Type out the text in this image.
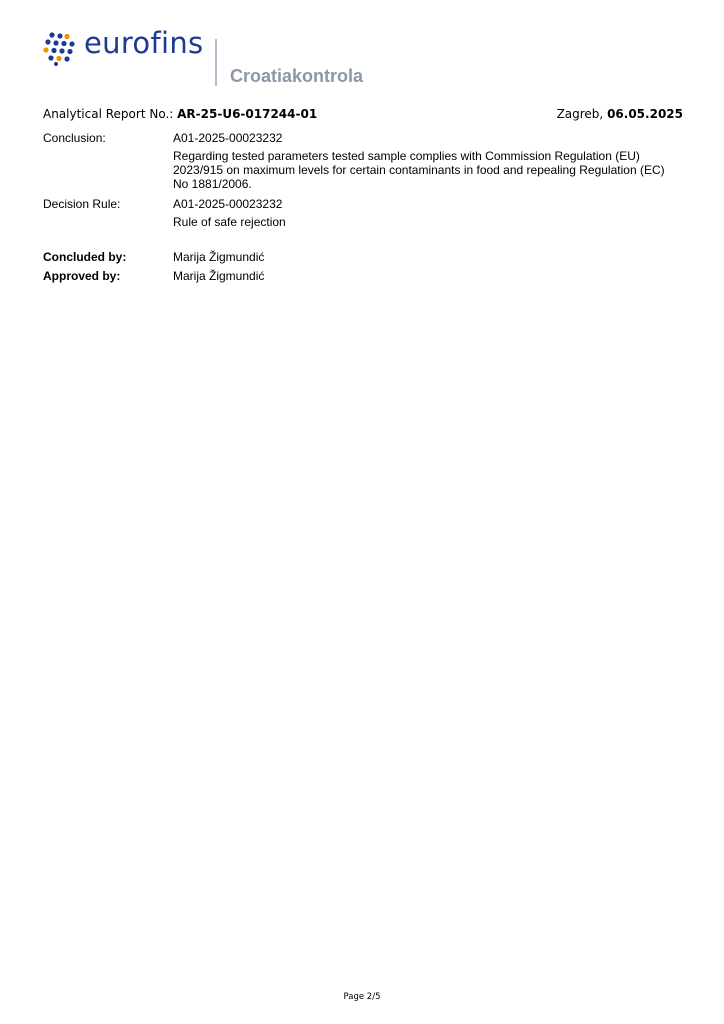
eurofins
Croatiakontrola
Analytical Report No.: AR-25-U6-017244-01	Zagreb, 06.05.2025
Conclusion:	A01-2025-00023232
Regarding tested parameters tested sample complies with Commission Regulation (EU) 2023/915 on maximum levels for certain contaminants in food and repealing Regulation (EC) No 1881/2006.
Decision Rule:	A01-2025-00023232
Rule of safe rejection
Concluded by:	Marija Žigmundić
Approved by:	Marija Žigmundić
Page 2/5
